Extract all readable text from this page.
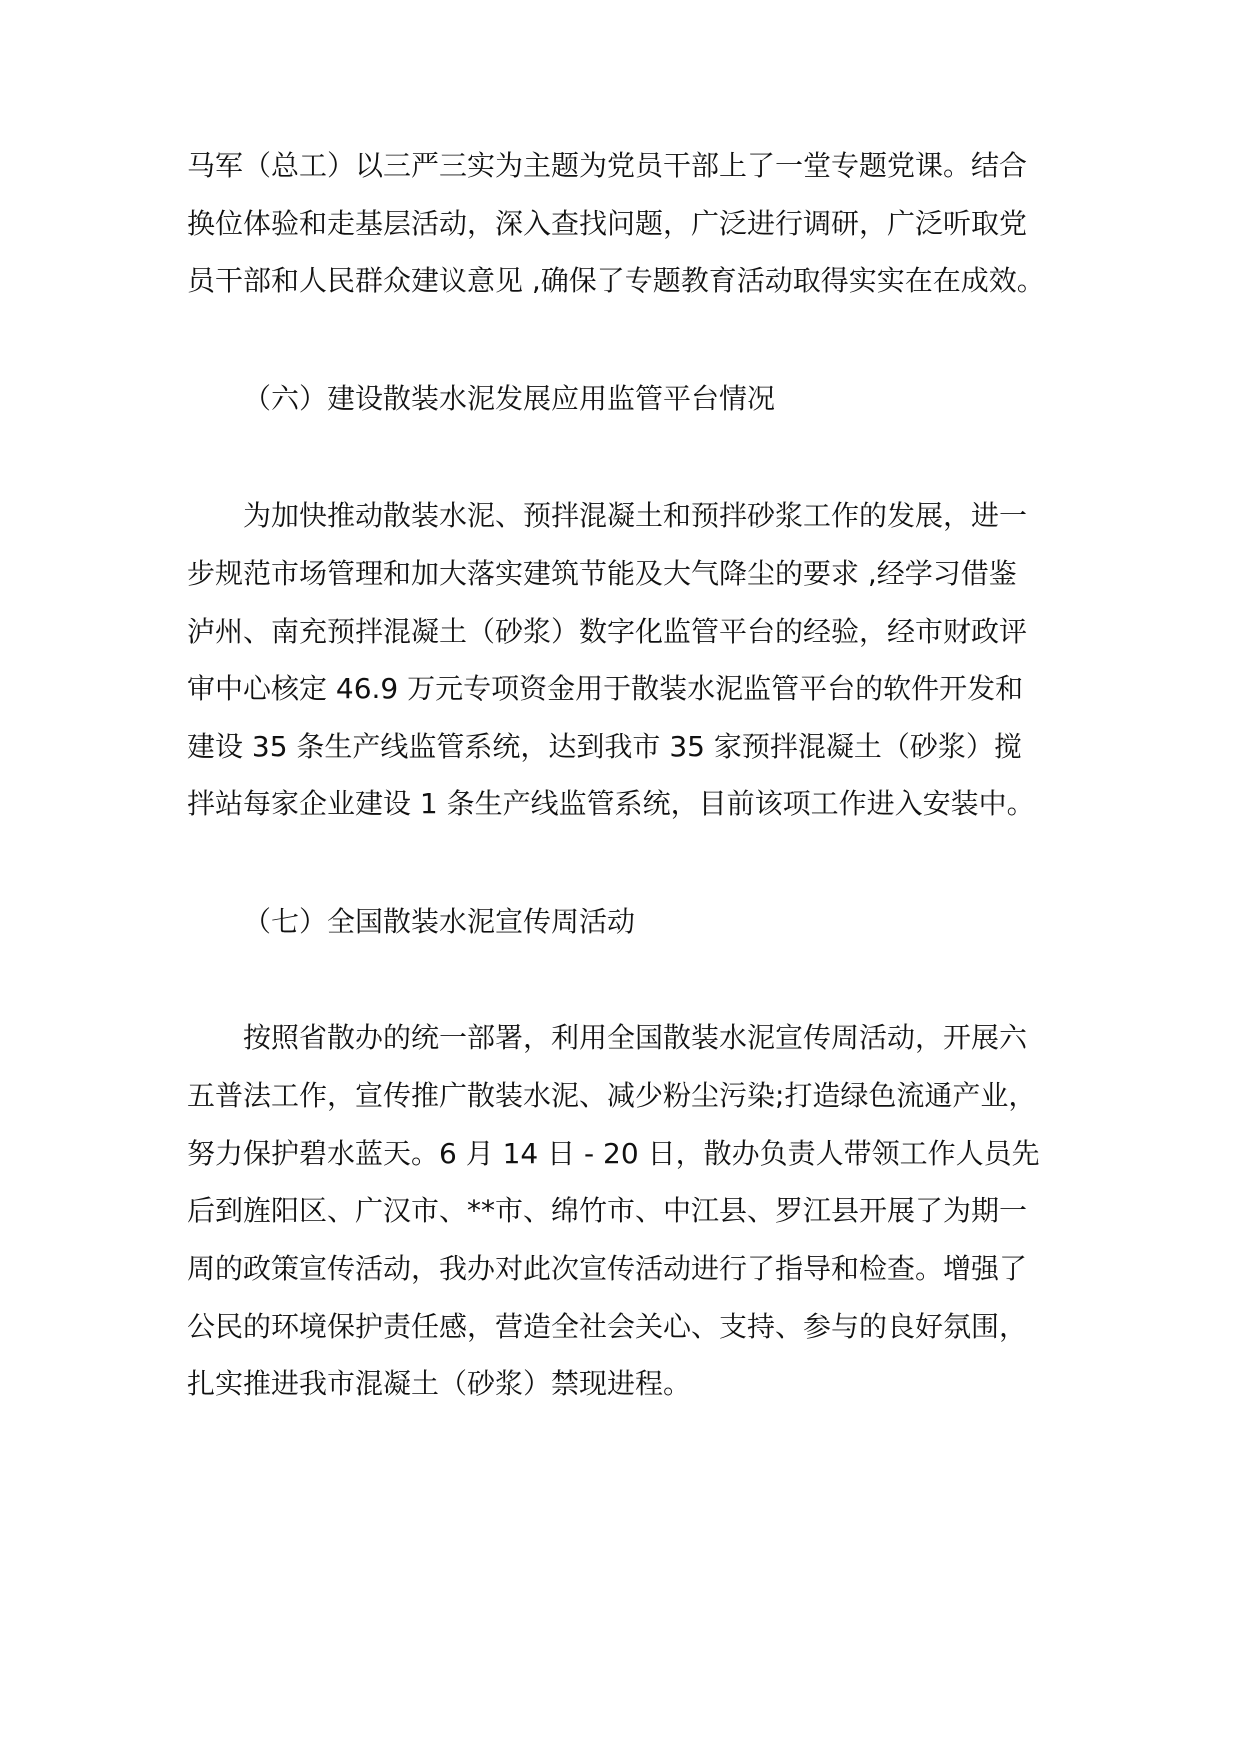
马军（总工）以三严三实为主题为党员干部上了一堂专题党课。结合
换位体验和走基层活动，深入查找问题，广泛进行调研，广泛听取党
员干部和人民群众建议意见 ,确保了专题教育活动取得实实在在成效。
（六）建设散装水泥发展应用监管平台情况
为加快推动散装水泥、预拌混凝土和预拌砂浆工作的发展，进一
步规范市场管理和加大落实建筑节能及大气降尘的要求 ,经学习借鉴
泸州、南充预拌混凝土（砂浆）数字化监管平台的经验，经市财政评
审中心核定 46.9 万元专项资金用于散装水泥监管平台的软件开发和
建设 35 条生产线监管系统，达到我市 35 家预拌混凝土（砂浆）搅
拌站每家企业建设 1 条生产线监管系统，目前该项工作进入安装中。
（七）全国散装水泥宣传周活动
按照省散办的统一部署，利用全国散装水泥宣传周活动，开展六
五普法工作，宣传推广散装水泥、减少粉尘污染;打造绿色流通产业，
努力保护碧水蓝天。6 月 14 日 - 20 日，散办负责人带领工作人员先
后到旌阳区、广汉市、**市、绵竹市、中江县、罗江县开展了为期一
周的政策宣传活动，我办对此次宣传活动进行了指导和检查。增强了
公民的环境保护责任感，营造全社会关心、支持、参与的良好氛围，
扎实推进我市混凝土（砂浆）禁现进程。
